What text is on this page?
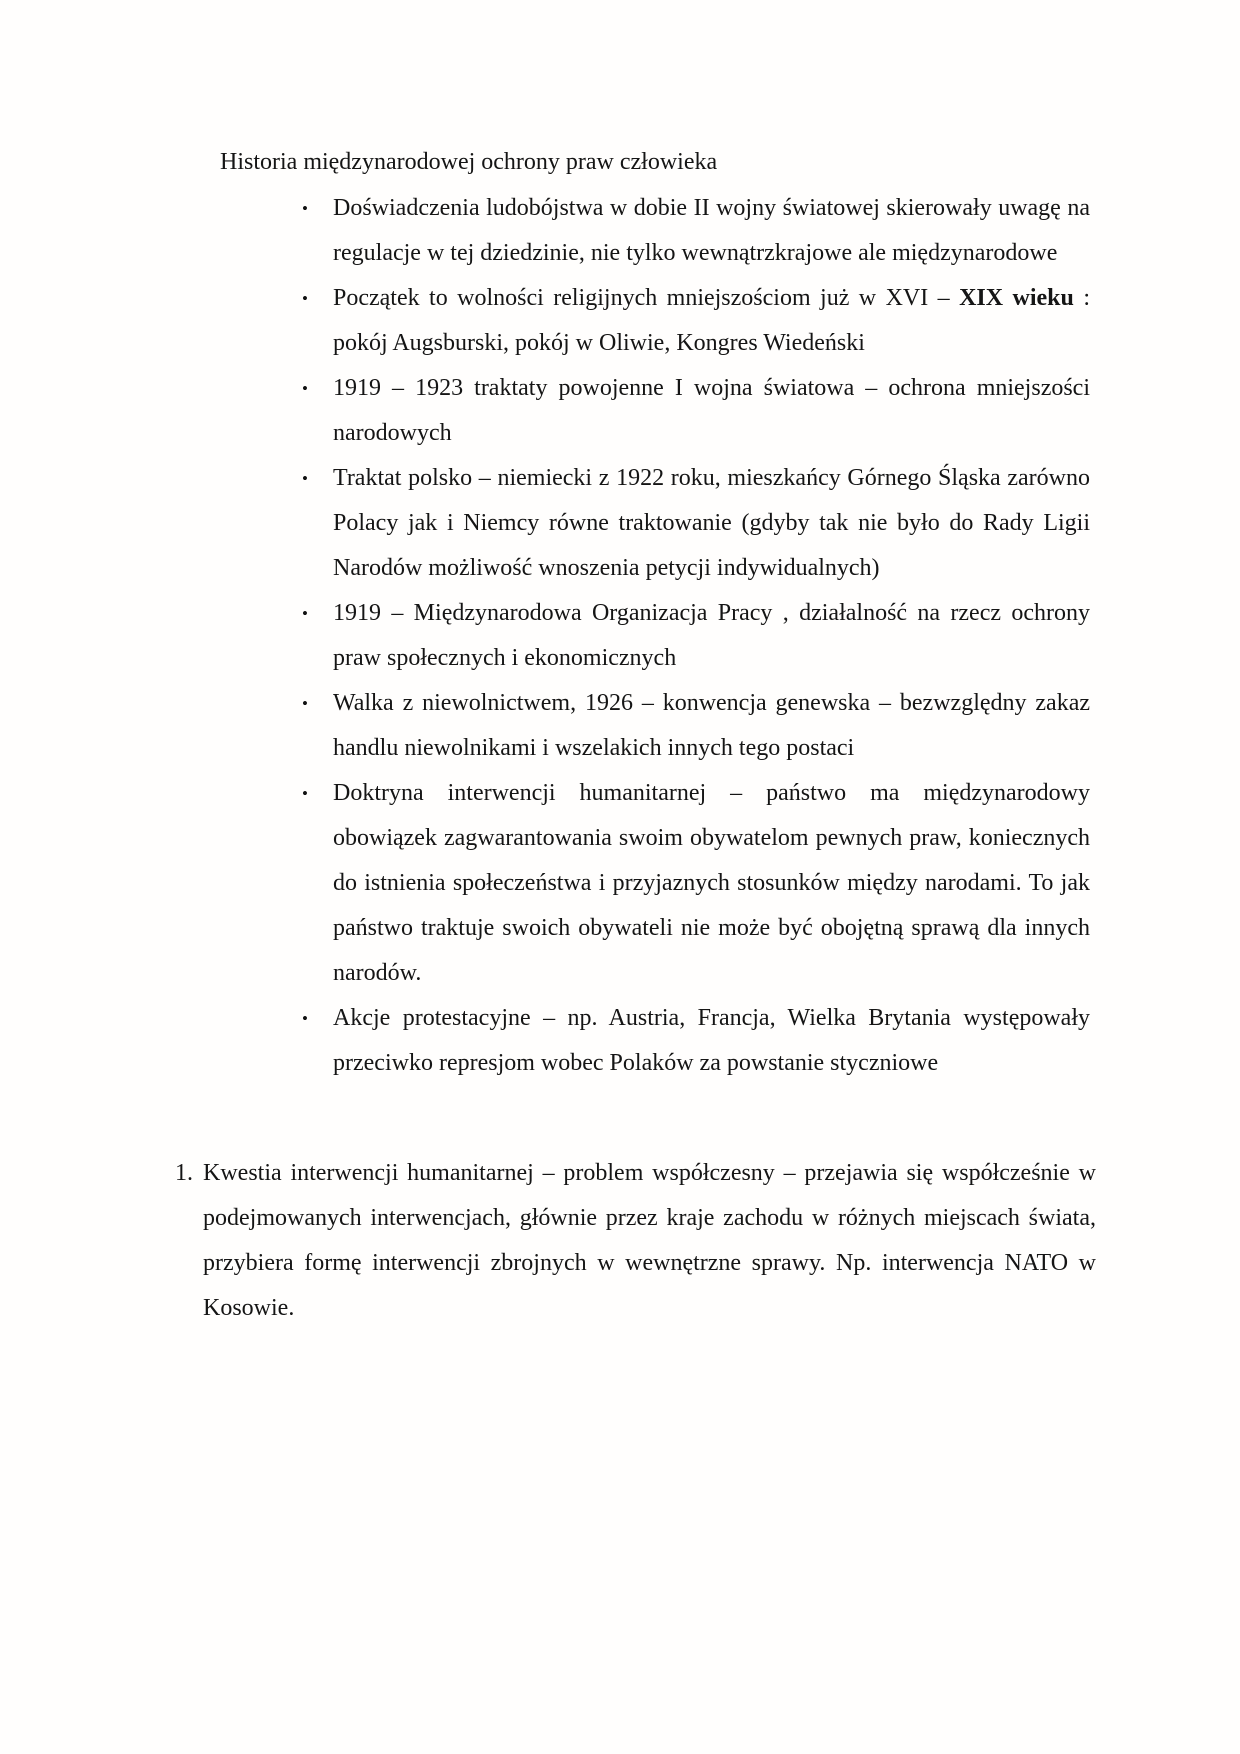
Historia międzynarodowej ochrony praw człowieka
•	Doświadczenia ludobójstwa w dobie II wojny światowej skierowały uwagę na regulacje w tej dziedzinie, nie tylko wewnątrzkrajowe ale międzynarodowe
•	Początek to wolności religijnych mniejszościom już w XVI – XIX wieku : pokój Augsburski, pokój w Oliwie, Kongres Wiedeński
•	1919 – 1923 traktaty powojenne I wojna światowa – ochrona mniejszości narodowych
•	Traktat polsko – niemiecki z 1922 roku, mieszkańcy Górnego Śląska zarówno Polacy jak i Niemcy równe traktowanie (gdyby tak nie było do Rady Ligii Narodów możliwość wnoszenia petycji indywidualnych)
•	1919 – Międzynarodowa Organizacja Pracy , działalność na rzecz ochrony praw społecznych i ekonomicznych
•	Walka z niewolnictwem, 1926 – konwencja genewska – bezwzględny zakaz handlu niewolnikami i wszelakich innych tego postaci
•	Doktryna interwencji humanitarnej – państwo ma międzynarodowy obowiązek zagwarantowania swoim obywatelom pewnych praw, koniecznych do istnienia społeczeństwa i przyjaznych stosunków między narodami. To jak państwo traktuje swoich obywateli nie może być obojętną sprawą dla innych narodów.
•	Akcje protestacyjne – np. Austria, Francja, Wielka Brytania występowały przeciwko represjom wobec Polaków za powstanie styczniowe
1. Kwestia interwencji humanitarnej – problem współczesny – przejawia się współcześnie w podejmowanych interwencjach, głównie przez kraje zachodu w różnych miejscach świata, przybiera formę interwencji zbrojnych w wewnętrzne sprawy. Np. interwencja NATO w Kosowie.
